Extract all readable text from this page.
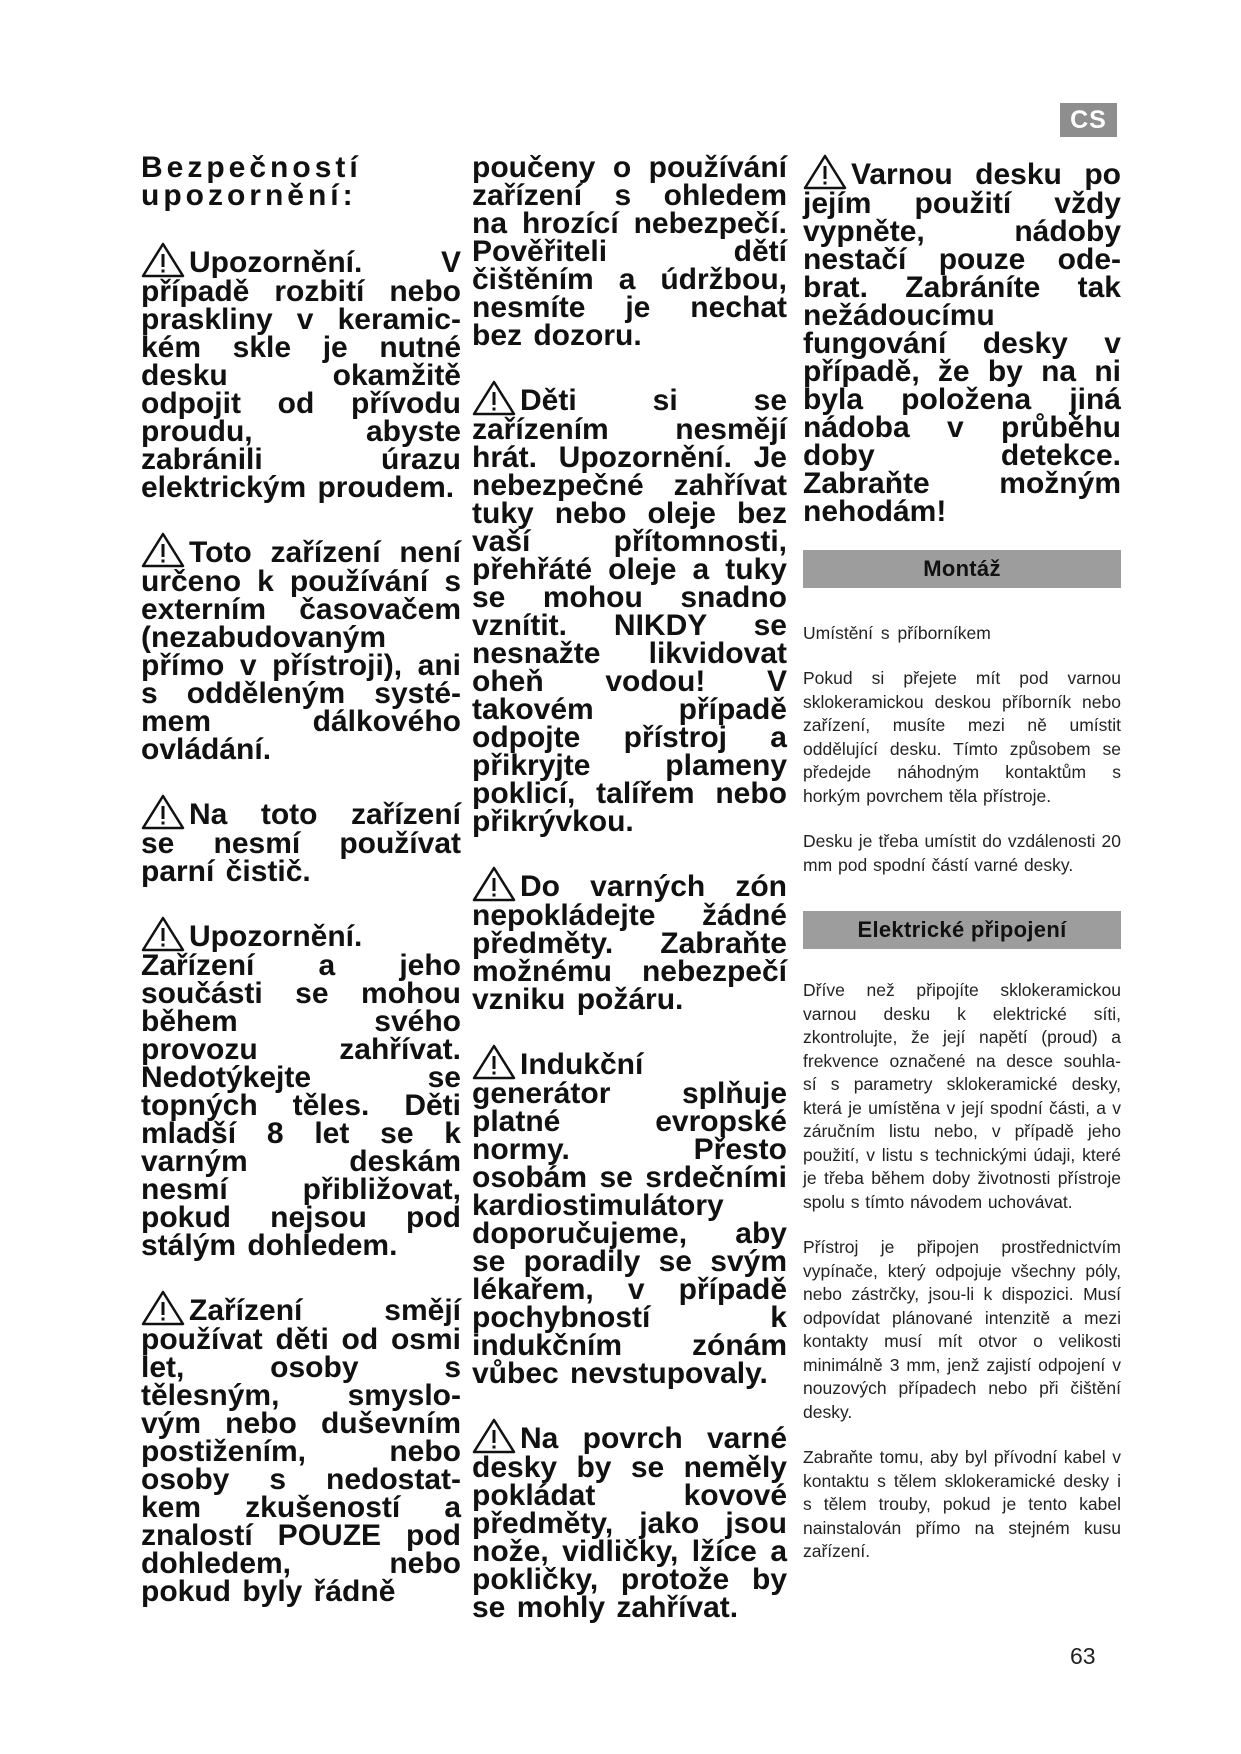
CS

Bezpečností upozornění:

Upozornění. V případě rozbití nebo praskliny v keramic- kém skle je nutné desku okamžitě odpojit od přívodu proudu, abyste zabránili úrazu elektrickým proudem.

Toto zařízení není určeno k používání s externím časovačem (nezabudovaným přímo v přístroji), ani s odděleným systé- mem dálkového ovládání.

Na toto zařízení se nesmí používat parní čistič.

Upozornění. Zařízení a jeho součásti se mohou během svého provozu zahřívat. Nedotýkejte se topných těles. Děti mladší 8 let se k varným deskám nesmí přibližovat, pokud nejsou pod stálým dohledem.

Zařízení smějí používat děti od osmi let, osoby s tělesným, smyslo- vým nebo duševním postižením, nebo osoby s nedostat- kem zkušeností a znalostí POUZE pod dohledem, nebo pokud byly řádně

poučeny o používání zařízení s ohledem na hrozící nebezpečí. Pověřiteli dětí čištěním a údržbou, nesmíte je nechat bez dozoru.

Děti si se zařízením nesmějí hrát. Upozornění. Je nebezpečné zahřívat tuky nebo oleje bez vaší přítomnosti, přehřáté oleje a tuky se mohou snadno vznítit. NIKDY se nesnažte likvidovat oheň vodou! V takovém případě odpojte přístroj a přikryjte plameny poklicí, talířem nebo přikrývkou.

Do varných zón nepokládejte žádné předměty. Zabraňte možnému nebezpečí vzniku požáru.

Indukční generátor splňuje platné evropské normy. Přesto osobám se srdečními kardiostimulátory doporučujeme, aby se poradily se svým lékařem, v případě pochybností k indukčním zónám vůbec nevstupovaly.

Na povrch varné desky by se neměly pokládat kovové předměty, jako jsou nože, vidličky, lžíce a pokličky, protože by se mohly zahřívat.

Varnou desku po jejím použití vždy vypněte, nádoby nestačí pouze ode- brat. Zabráníte tak nežádoucímu fungování desky v případě, že by na ni byla položena jiná nádoba v průběhu doby detekce. Zabraňte možným nehodám!

Montáž

Umístění s příborníkem

Pokud si přejete mít pod varnou sklokeramickou deskou příborník nebo zařízení, musíte mezi ně umístit oddělující desku. Tímto způsobem se předejde náhodným kontaktům s horkým povrchem těla přístroje.

Desku je třeba umístit do vzdálenosti 20 mm pod spodní částí varné desky.

Elektrické připojení

Dříve než připojíte sklokeramickou varnou desku k elektrické síti, zkontrolujte, že její napětí (proud) a frekvence označené na desce souhla- sí s parametry sklokeramické desky, která je umístěna v její spodní části, a v záručním listu nebo, v případě jeho použití, v listu s technickými údaji, které je třeba během doby životnosti přístroje spolu s tímto návodem uchovávat.

Přístroj je připojen prostřednictvím vypínače, který odpojuje všechny póly, nebo zástrčky, jsou-li k dispozici. Musí odpovídat plánované intenzitě a mezi kontakty musí mít otvor o velikosti minimálně 3 mm, jenž zajistí odpojení v nouzových případech nebo při čištění desky.

Zabraňte tomu, aby byl přívodní kabel v kontaktu s tělem sklokeramické desky i s tělem trouby, pokud je tento kabel nainstalován přímo na stejném kusu zařízení.

63
